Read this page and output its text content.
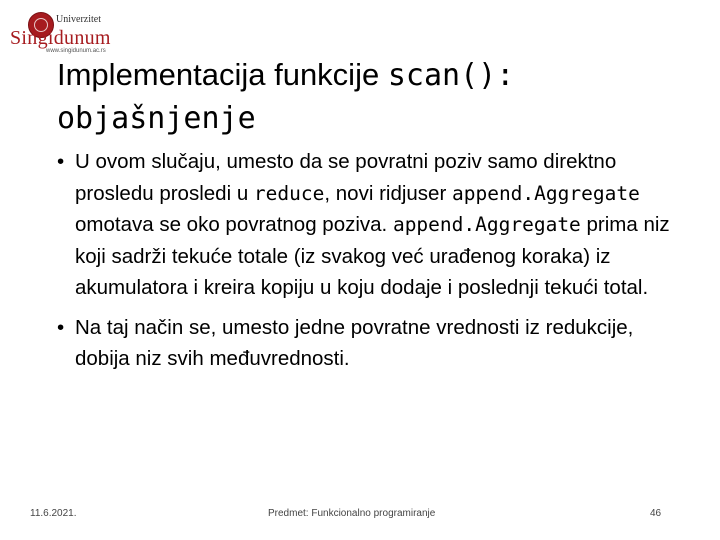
Univerzitet
Singidunum
www.singidunum.ac.rs
Implementacija funkcije scan():
objašnjenje
• U ovom slučaju, umesto da se povratni poziv samo direktno prosledu prosledi u reduce, novi ridjuser append.Aggregate omotava se oko povratnog poziva. append.Aggregate prima niz koji sadrži tekuće totale (iz svakog već urađenog koraka) iz akumulatora i kreira kopiju u koju dodaje i poslednji tekući total.
• Na taj način se, umesto jedne povratne vrednosti iz redukcije, dobija niz svih međuvrednosti.
11.6.2021.	Predmet: Funkcionalno programiranje	46
